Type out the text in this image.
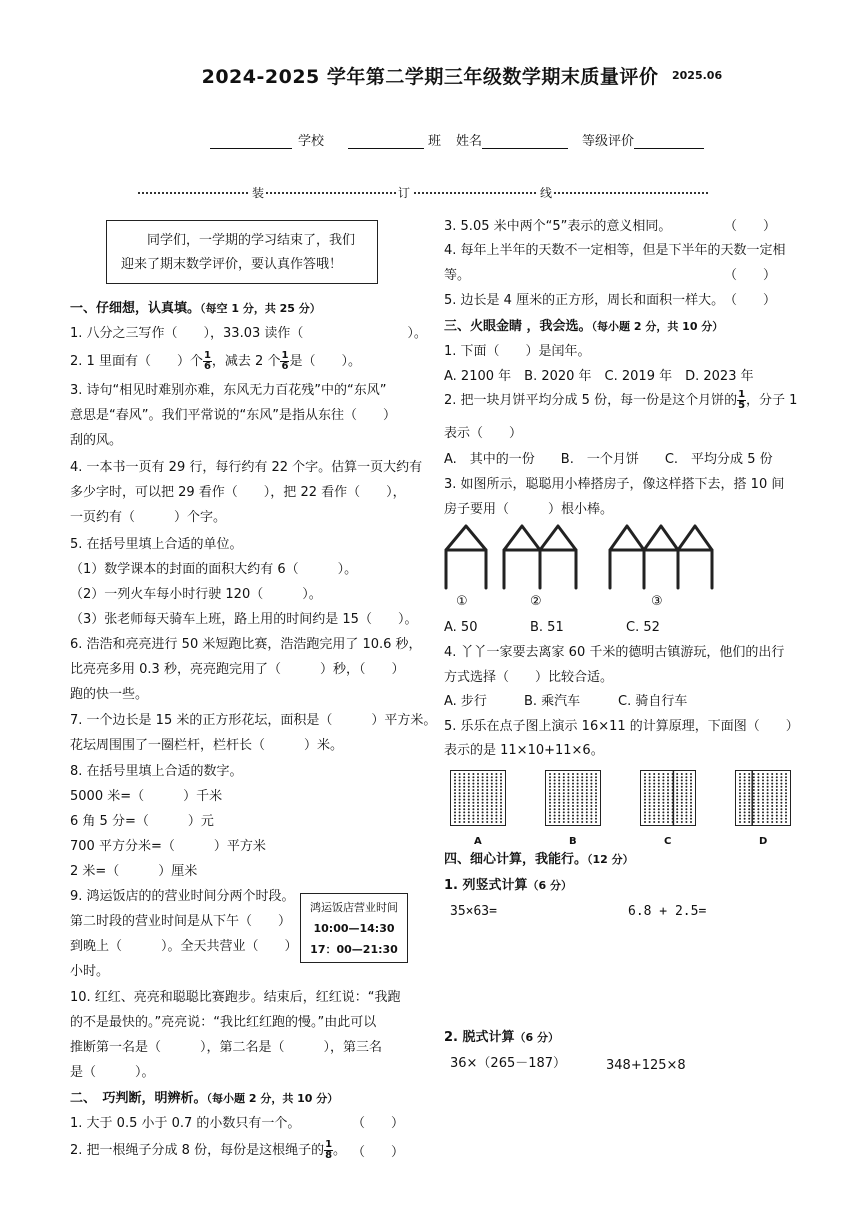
2024-2025 学年第二学期三年级数学期末质量评价	2025.06
学校	班 姓名	等级评价
装	订	线
同学们，一学期的学习结束了，我们迎来了期末数学评价，要认真作答哦！
一、仔细想，认真填。（每空 1 分，共 25 分）
1. 八分之三写作（　　），33.03 读作（　　　　　　　　）。
2. 1 里面有（　　）个 $\frac{1}{6}$ ，减去 2 个 $\frac{1}{6}$ 是（　　）。
3. 诗句“相见时难别亦难，东风无力百花残”中的“东风”
意思是“春风”。我们平常说的“东风”是指从东往（　　）
刮的风。
4. 一本书一页有 29 行，每行约有 22 个字。估算一页大约有
多少字时，可以把 29 看作（　　），把 22 看作（　　），
一页约有（　　　）个字。
5. 在括号里填上合适的单位。
（1）数学课本的封面的面积大约有 6（　　　）。
（2）一列火车每小时行驶 120（　　　）。
（3）张老师每天骑车上班，路上用的时间约是 15（　　）。
6. 浩浩和亮亮进行 50 米短跑比赛，浩浩跑完用了 10.6 秒，
比亮亮多用 0.3 秒，亮亮跑完用了（　　　）秒，（　　）
跑的快一些。
7. 一个边长是 15 米的正方形花坛，面积是（　　　）平方米。
花坛周围围了一圈栏杆，栏杆长（　　　）米。
8. 在括号里填上合适的数字。
5000 米=（　　　）千米
6 角 5 分=（　　　）元
700 平方分米=（　　　）平方米
2 米=（　　　）厘米
9. 鸿运饭店的的营业时间分两个时段。
第二时段的营业时间是从下午（　　）
到晚上（　　　）。全天共营业（　　）
小时。
鸿运饭店营业时间
10:00—14:30
17：00—21:30
10. 红红、亮亮和聪聪比赛跑步。结束后，红红说：“我跑
的不是最快的。”亮亮说：“我比红红跑的慢。”由此可以
推断第一名是（　　　），第二名是（　　　），第三名
是（　　　）。
二、　巧判断，明辨析。（每小题 2 分，共 10 分）
1. 大于 0.5 小于 0.7 的小数只有一个。	（　　）
2. 把一根绳子分成 8 份，每份是这根绳子的 $\frac{1}{8}$ 。 （　　）
3. 5.05 米中两个“5”表示的意义相同。	（　　）
4. 每年上半年的天数不一定相等，但是下半年的天数一定相
等。	（　　）
5. 边长是 4 厘米的正方形，周长和面积一样大。 （　　）
三、火眼金睛 ，我会选。（每小题 2 分，共 10 分）
1. 下面（　　）是闰年。
A. 2100 年　B. 2020 年　C. 2019 年　D. 2023 年
2. 把一块月饼平均分成 5 份，每一份是这个月饼的 $\frac{1}{5}$ ，分子 1
表示（　　）
A.　其中的一份　　B.　一个月饼　　C.　平均分成 5 份
3. 如图所示，聪聪用小棒搭房子，像这样搭下去，搭 10 间
房子要用（　　　）根小棒。
①	②	③
A. 50	B. 51	C. 52
4. 丫丫一家要去离家 60 千米的德明古镇游玩，他们的出行
方式选择（　　）比较合适。
A. 步行	B. 乘汽车	C. 骑自行车
5. 乐乐在点子图上演示 16×11 的计算原理，下面图（　　）
表示的是 11×10+11×6。
A	B	C	D
四、细心计算，我能行。（12 分）
1. 列竖式计算（6 分）
35×63=	6.8 + 2.5=
2. 脱式计算（6 分）
36×（265－187）	348+125×8
